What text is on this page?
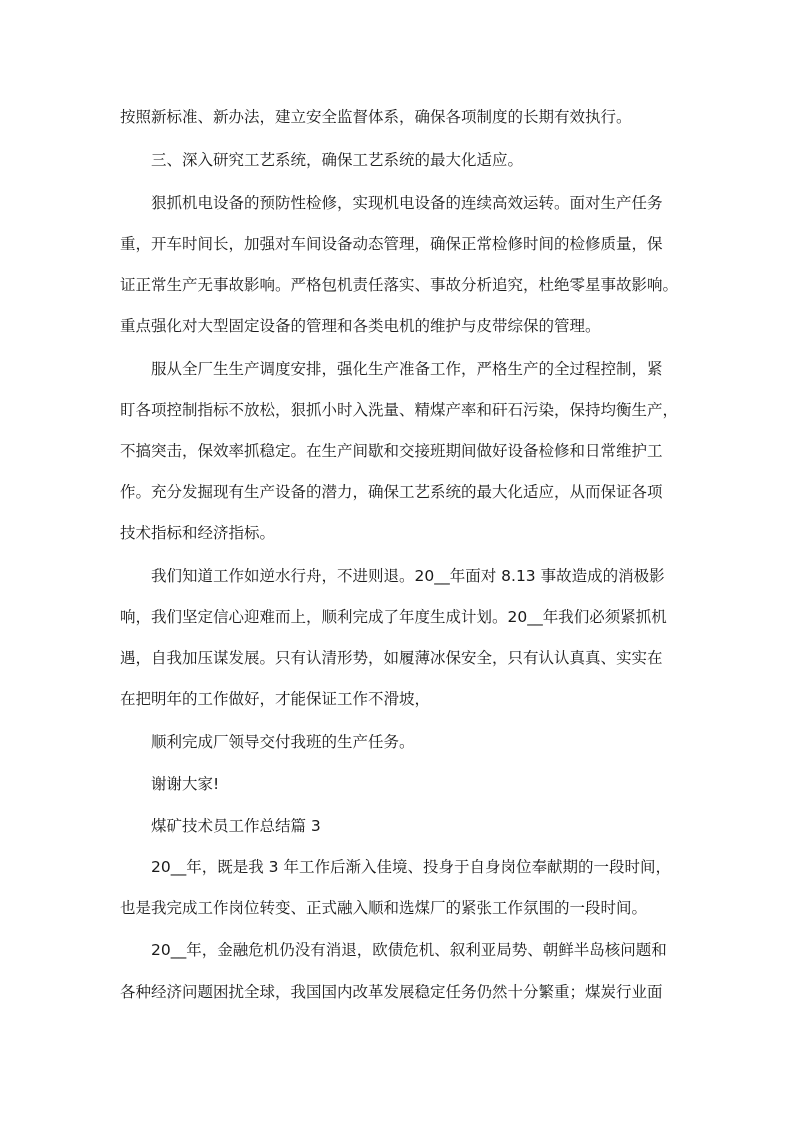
按照新标准、新办法，建立安全监督体系，确保各项制度的长期有效执行。
三、深入研究工艺系统，确保工艺系统的最大化适应。
狠抓机电设备的预防性检修，实现机电设备的连续高效运转。面对生产任务
重，开车时间长，加强对车间设备动态管理，确保正常检修时间的检修质量，保
证正常生产无事故影响。严格包机责任落实、事故分析追究，杜绝零星事故影响。
重点强化对大型固定设备的管理和各类电机的维护与皮带综保的管理。
服从全厂生生产调度安排，强化生产准备工作，严格生产的全过程控制，紧
盯各项控制指标不放松，狠抓小时入洗量、精煤产率和矸石污染，保持均衡生产，
不搞突击，保效率抓稳定。在生产间歇和交接班期间做好设备检修和日常维护工
作。充分发掘现有生产设备的潜力，确保工艺系统的最大化适应，从而保证各项
技术指标和经济指标。
我们知道工作如逆水行舟，不进则退。20__年面对 8.13 事故造成的消极影
响，我们坚定信心迎难而上，顺利完成了年度生成计划。20__年我们必须紧抓机
遇，自我加压谋发展。只有认清形势，如履薄冰保安全，只有认认真真、实实在
在把明年的工作做好，才能保证工作不滑坡，
顺利完成厂领导交付我班的生产任务。
谢谢大家!
煤矿技术员工作总结篇 3
20__年，既是我 3 年工作后渐入佳境、投身于自身岗位奉献期的一段时间，
也是我完成工作岗位转变、正式融入顺和选煤厂的紧张工作氛围的一段时间。
20__年，金融危机仍没有消退，欧债危机、叙利亚局势、朝鲜半岛核问题和
各种经济问题困扰全球，我国国内改革发展稳定任务仍然十分繁重；煤炭行业面
